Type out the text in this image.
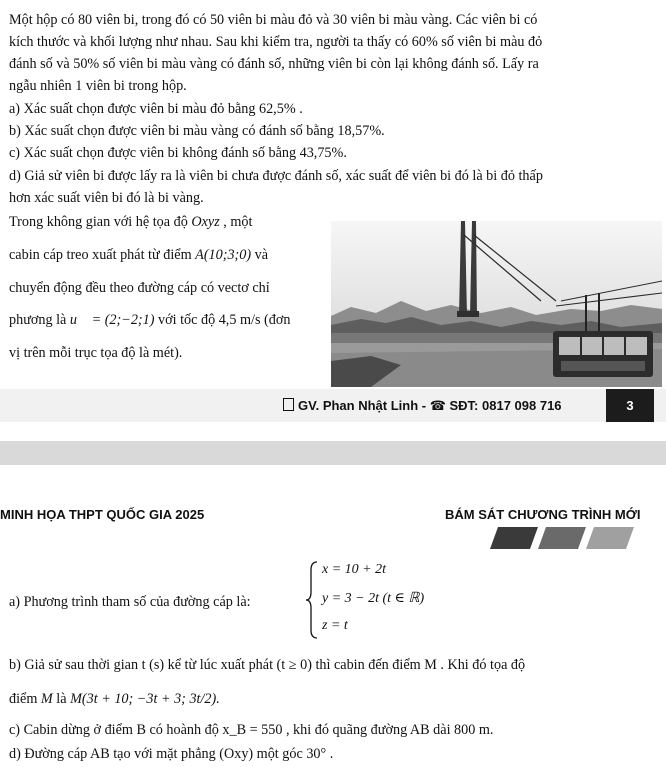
Một hộp có 80 viên bi, trong đó có 50 viên bi màu đỏ và 30 viên bi màu vàng. Các viên bi có
kích thước và khối lượng như nhau. Sau khi kiểm tra, người ta thấy có 60% số viên bi màu đỏ
đánh số và 50% số viên bi màu vàng có đánh số, những viên bi còn lại không đánh số. Lấy ra
ngẫu nhiên 1 viên bi trong hộp.
a) Xác suất chọn được viên bi màu đỏ bằng 62,5% .
b) Xác suất chọn được viên bi màu vàng có đánh số bằng 18,57%.
c) Xác suất chọn được viên bi không đánh số bằng 43,75%.
d) Giả sử viên bi được lấy ra là viên bi chưa được đánh số, xác suất để viên bi đó là bi đỏ thấp
hơn xác suất viên bi đó là bi vàng.
Trong không gian với hệ tọa độ Oxyz , một
cabin cáp treo xuất phát từ điểm A(10;3;0) và
chuyển động đều theo đường cáp có vectơ chỉ
phương là u⃗ = (2;−2;1) với tốc độ 4,5 m/s (đơn
vị trên mỗi trục tọa độ là mét).
GV. Phan Nhật Linh - ☎ SĐT: 0817 098 716	3
MINH HỌA THPT QUỐC GIA 2025	BÁM SÁT CHƯƠNG TRÌNH MỚI
a) Phương trình tham số của đường cáp là:
x = 10 + 2t
y = 3 − 2t (t ∈ ℝ)
z = t
b) Giả sử sau thời gian t (s) kể từ lúc xuất phát (t ≥ 0) thì cabin đến điểm M . Khi đó tọa độ
điểm M là M(3t + 10; −3t + 3; 3t/2).
c) Cabin dừng ở điểm B có hoành độ x_B = 550 , khi đó quãng đường AB dài 800 m.
d) Đường cáp AB tạo với mặt phẳng (Oxy) một góc 30° .
